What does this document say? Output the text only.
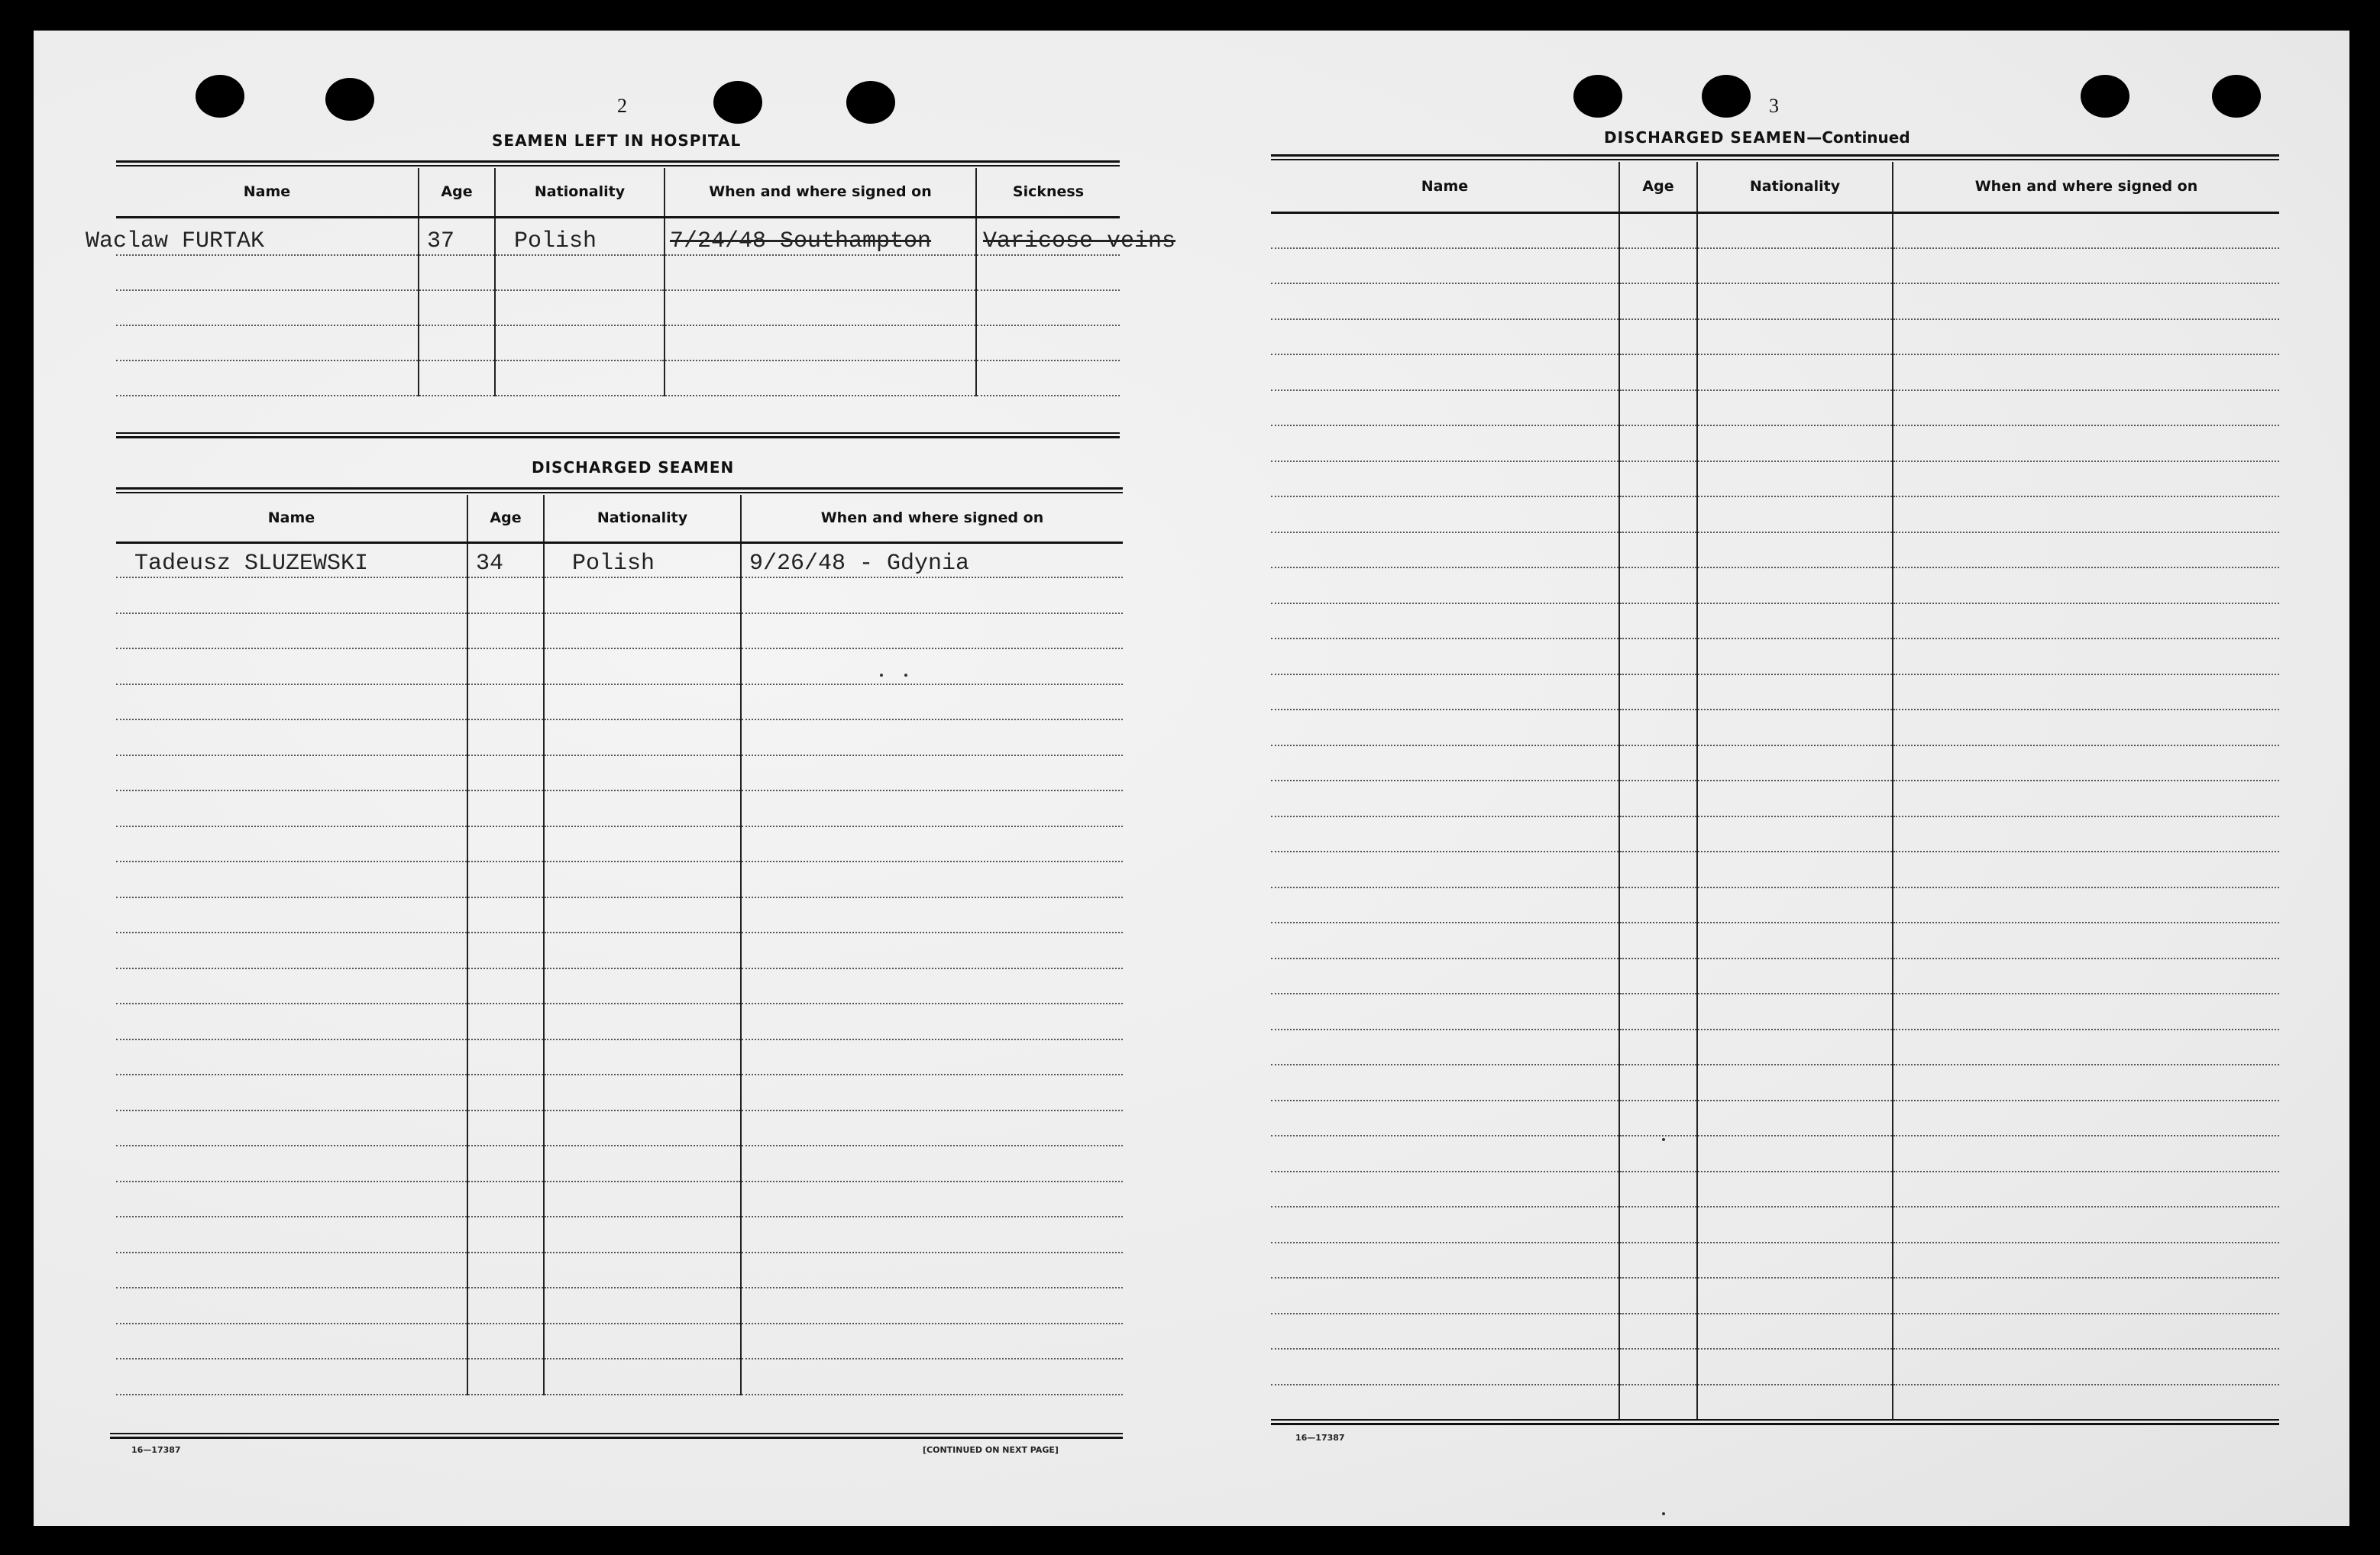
2
SEAMEN LEFT IN HOSPITAL
Name	Age	Nationality	When and where signed on	Sickness
Waclaw FURTAK	37	Polish	7/24/48 Southampton	Varicose veins

DISCHARGED SEAMEN
Name	Age	Nationality	When and where signed on
Tadeusz SLUZEWSKI	34	Polish	9/26/48 - Gdynia

16—17387	[CONTINUED ON NEXT PAGE]
3
DISCHARGED SEAMEN—Continued
Name	Age	Nationality	When and where signed on

16—17387
